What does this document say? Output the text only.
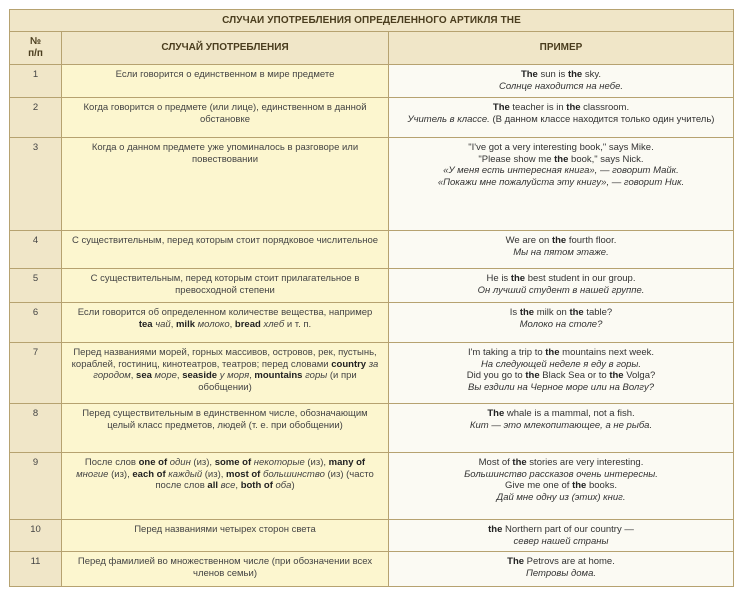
СЛУЧАИ УПОТРЕБЛЕНИЯ ОПРЕДЕЛЕННОГО АРТИКЛЯ THE		
№
п/п	СЛУЧАЙ УПОТРЕБЛЕНИЯ	ПРИМЕР
1	Если говорится о единственном в мире предмете	The sun is the sky.
Солнце находится на небе.

2	Когда говорится о предмете (или лице), единственном в данной обстановке	The teacher is in the classroom.
Учитель в классе. (В данном классе находится только один учитель)

3	Когда о данном предмете уже упоминалось в разговоре или повествовании	"I've got a very interesting book," says Mike.
"Please show me the book," says Nick.
«У меня есть интересная книга», — говорит Майк.
«Покажи мне пожалуйста эту книгу», — говорит Ник.

4	С существительным, перед которым стоит порядковое числительное	We are on the fourth floor.
Мы на пятом этаже.

5	С существительным, перед которым стоит прилагательное в превосходной степени	He is the best student in our group.
Он лучший студент в нашей группе.

6	Если говорится об определенном количестве вещества, например tea чай, milk молоко, bread хлеб и т. п.	Is the milk on the table?
Молоко на столе?

7	Перед названиями морей, горных массивов, островов, рек, пустынь, кораблей, гостиниц, кинотеатров, театров; перед словами country за городом, sea море, seaside у моря, mountains горы (и при обобщении)	I'm taking a trip to the mountains next week.
На следующей неделе я еду в горы.
Did you go to the Black Sea or to the Volga?
Вы ездили на Черное море или на Волгу?

8	Перед существительным в единственном числе, обозначающим целый класс предметов, людей (т. е. при обобщении)	The whale is a mammal, not a fish.
Кит — это млекопитающее, а не рыба.

9	После слов one of один (из), some of некоторые (из), many of многие (из), each of каждый (из), most of большинство (из) (часто после слов all все, both of оба)	Most of the stories are very interesting.
Большинство рассказов очень интересны.
Give me one of the books.
Дай мне одну из (этих) книг.

10	Перед названиями четырех сторон света	the Northern part of our country —
север нашей страны

11	Перед фамилией во множественном числе (при обозначении всех членов семьи)	The Petrovs are at home.
Петровы дома.
